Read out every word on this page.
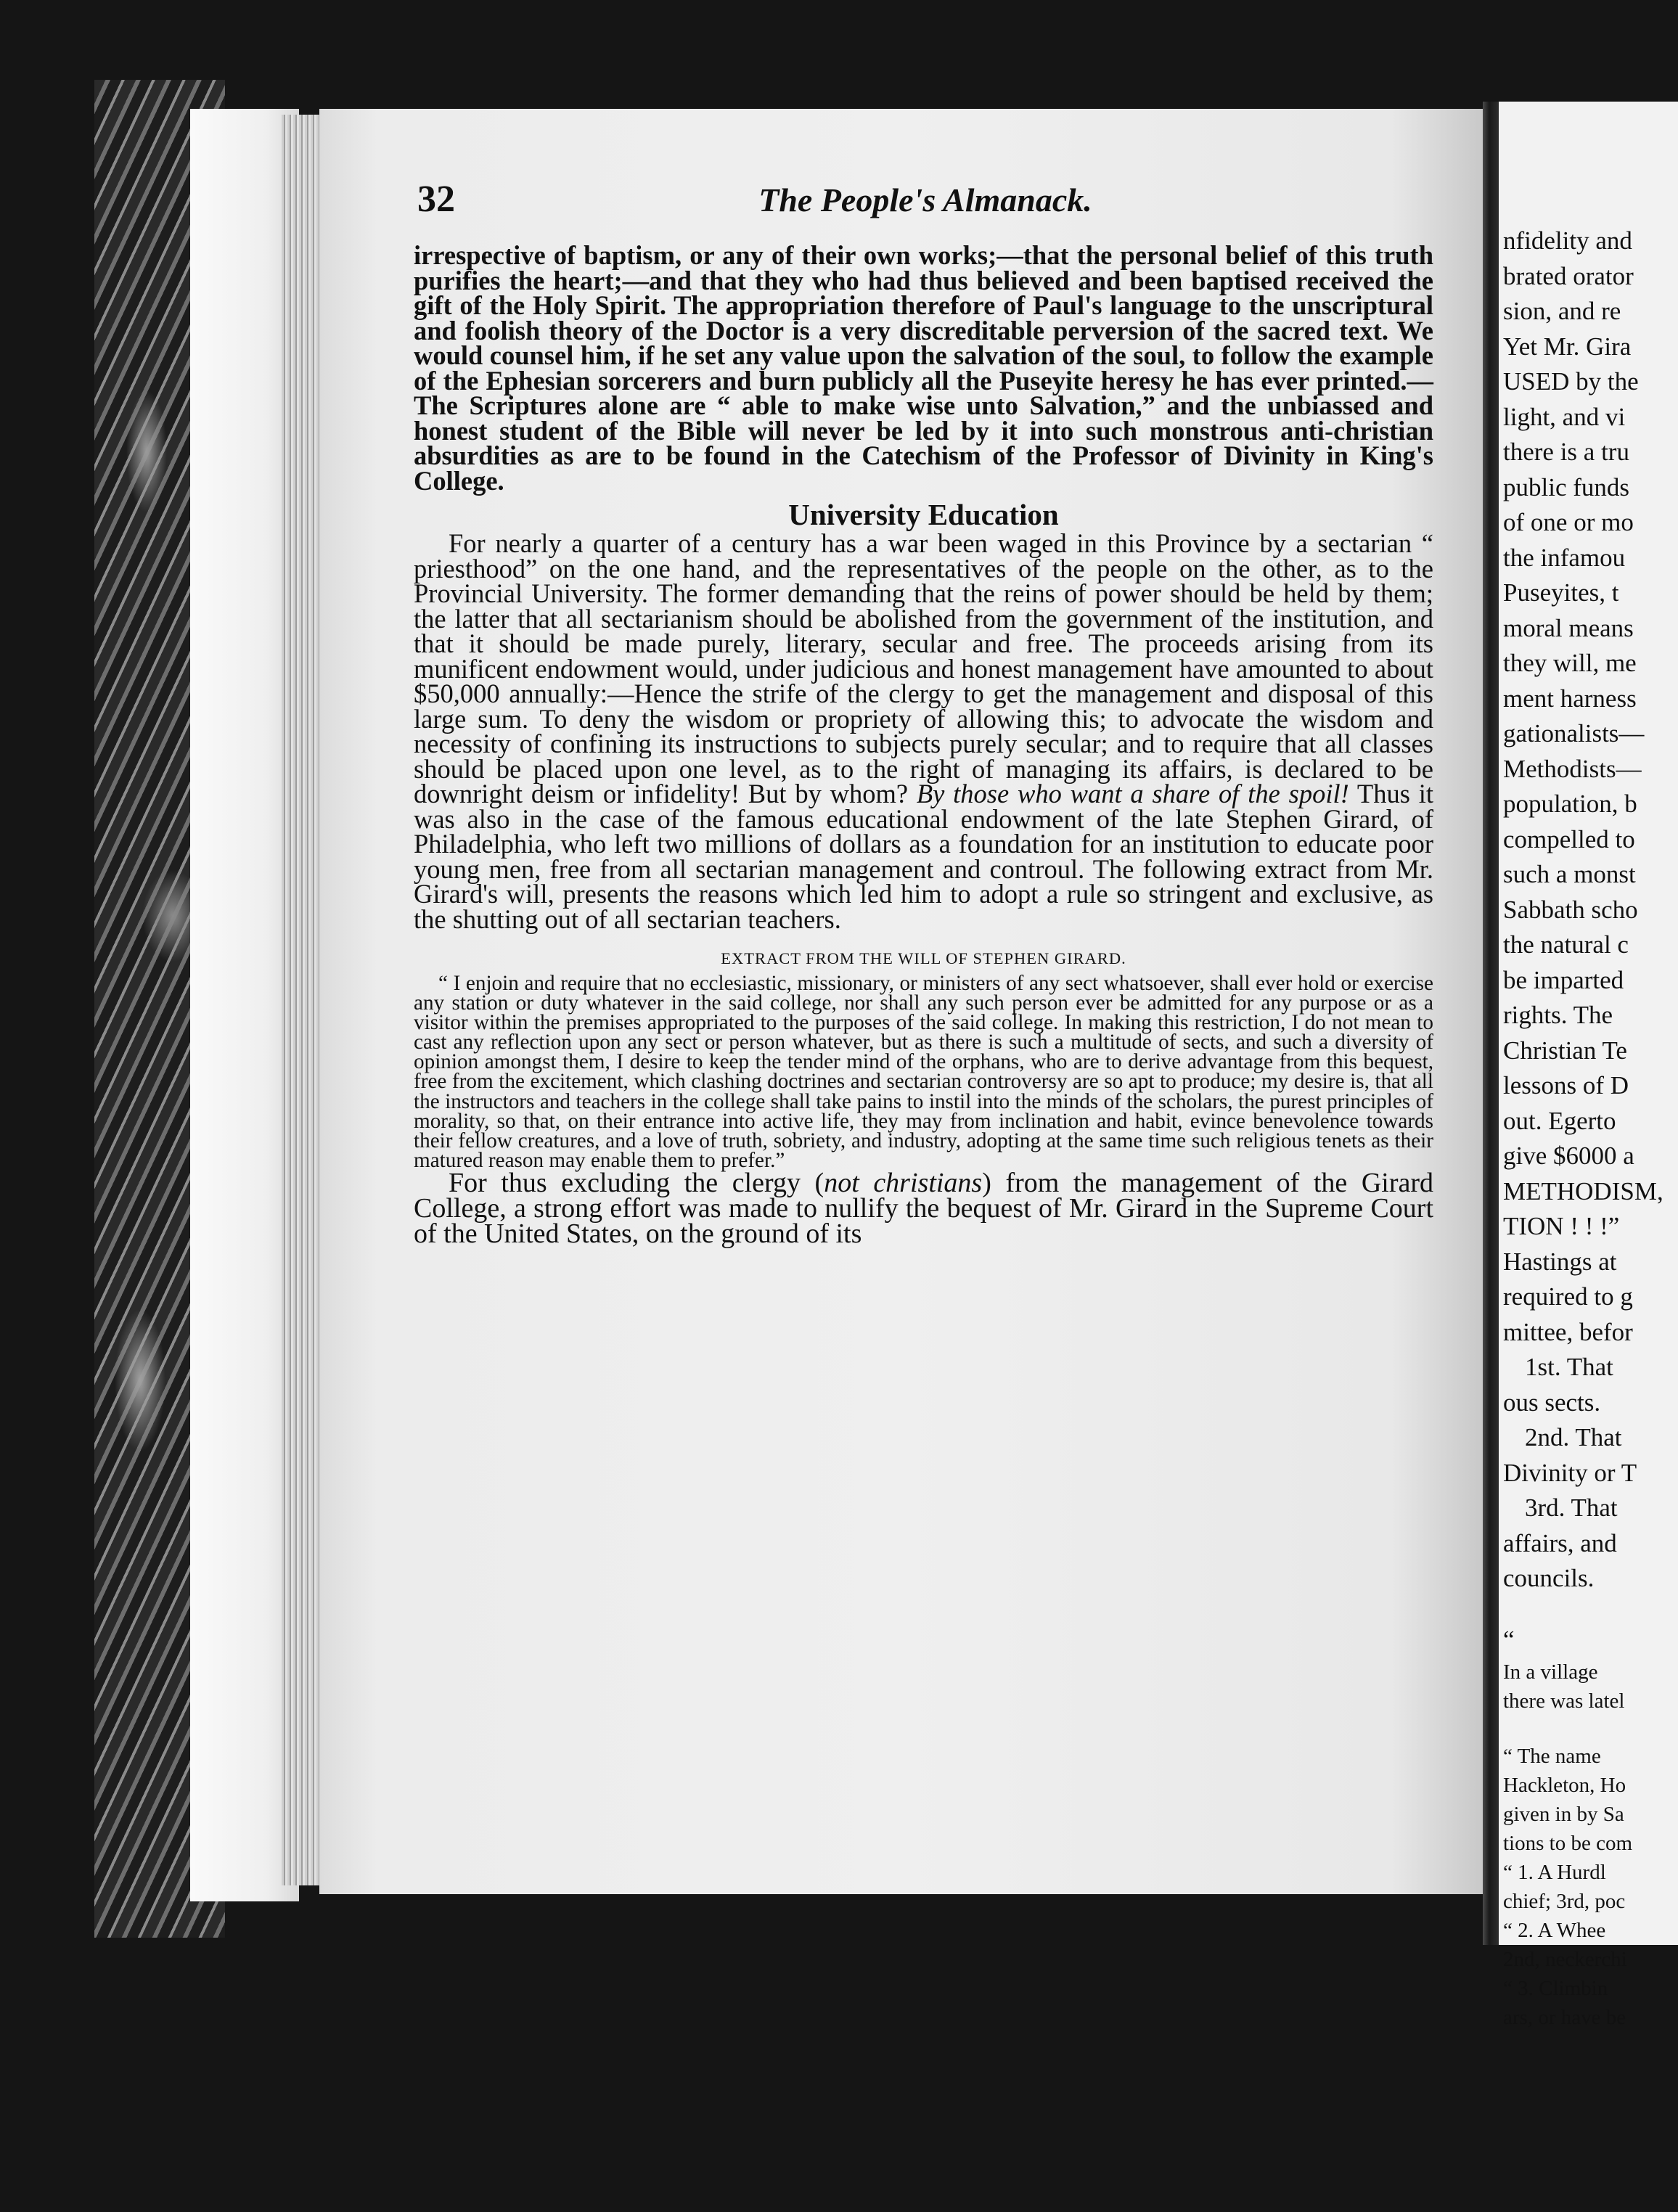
32	The People's Almanack.

irrespective of baptism, or any of their own works;—that the personal belief of this truth purifies the heart;—and that they who had thus believed and been baptised received the gift of the Holy Spirit. The appropriation therefore of Paul's language to the unscriptural and foolish theory of the Doctor is a very discreditable perversion of the sacred text. We would counsel him, if he set any value upon the salvation of the soul, to follow the example of the Ephesian sorcerers and burn publicly all the Puseyite heresy he has ever printed.—The Scriptures alone are “ able to make wise unto Salvation,” and the unbiassed and honest student of the Bible will never be led by it into such monstrous anti-christian absurdities as are to be found in the Catechism of the Professor of Divinity in King's College.

University Education

For nearly a quarter of a century has a war been waged in this Province by a sectarian “ priesthood” on the one hand, and the representatives of the people on the other, as to the Provincial University. The former demanding that the reins of power should be held by them; the latter that all sectarianism should be abolished from the government of the institution, and that it should be made purely, literary, secular and free. The proceeds arising from its munificent endowment would, under judicious and honest management have amounted to about $50,000 annually:—Hence the strife of the clergy to get the management and disposal of this large sum. To deny the wisdom or propriety of allowing this; to advocate the wisdom and necessity of confining its instructions to subjects purely secular; and to require that all classes should be placed upon one level, as to the right of managing its affairs, is declared to be downright deism or infidelity! But by whom? By those who want a share of the spoil! Thus it was also in the case of the famous educational endowment of the late Stephen Girard, of Philadelphia, who left two millions of dollars as a foundation for an institution to educate poor young men, free from all sectarian management and controul. The following extract from Mr. Girard's will, presents the reasons which led him to adopt a rule so stringent and exclusive, as the shutting out of all sectarian teachers.

EXTRACT FROM THE WILL OF STEPHEN GIRARD.

“ I enjoin and require that no ecclesiastic, missionary, or ministers of any sect whatsoever, shall ever hold or exercise any station or duty whatever in the said college, nor shall any such person ever be admitted for any purpose or as a visitor within the premises appropriated to the purposes of the said college. In making this restriction, I do not mean to cast any reflection upon any sect or person whatever, but as there is such a multitude of sects, and such a diversity of opinion amongst them, I desire to keep the tender mind of the orphans, who are to derive advantage from this bequest, free from the excitement, which clashing doctrines and sectarian controversy are so apt to produce; my desire is, that all the instructors and teachers in the college shall take pains to instil into the minds of the scholars, the purest principles of morality, so that, on their entrance into active life, they may from inclination and habit, evince benevolence towards their fellow creatures, and a love of truth, sobriety, and industry, adopting at the same time such religious tenets as their matured reason may enable them to prefer.”

For thus excluding the clergy (not christians) from the management of the Girard College, a strong effort was made to nullify the bequest of Mr. Girard in the Supreme Court of the United States, on the ground of its

nfidelity and
brated orator
sion, and re
Yet Mr. Gira
USED by the
light, and vi
there is a tru
public funds
of one or mo
the infamou
Puseyites, t
moral means
they will, me
ment harness
gationalists—
Methodists—
population, b
compelled to
such a monst
Sabbath scho
the natural c
be imparted
rights. The
Christian Te
lessons of D
out. Egerto
give $6000 a
METHODISM,
TION ! ! !”
Hastings at
required to g
mittee, befor
1st. That
ous sects.
2nd. That
Divinity or T
3rd. That
affairs, and
councils.
“
In a village
there was latel
“ The name
Hackleton, Ho
given in by Sa
tions to be com
“ 1. A Hurdl
chief; 3rd, poc
“ 2. A Whee
2nd, neckerchi
“ 3. Climbin
ars, or have be
